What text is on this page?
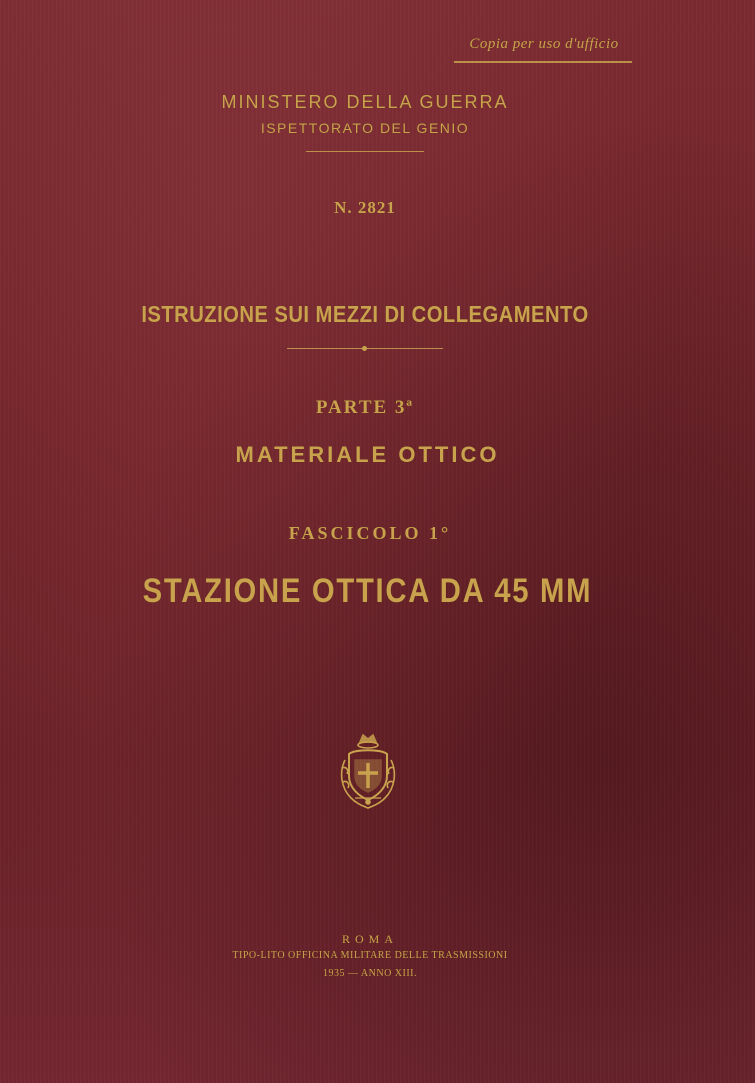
Copia per uso d'ufficio
MINISTERO DELLA GUERRA
ISPETTORATO DEL GENIO
N. 2821
ISTRUZIONE SUI MEZZI DI COLLEGAMENTO
PARTE 3ª
MATERIALE OTTICO
FASCICOLO 1°
STAZIONE OTTICA DA 45 MM
ROMA
TIPO-LITO OFFICINA MILITARE DELLE TRASMISSIONI
1935 — ANNO XIII.
